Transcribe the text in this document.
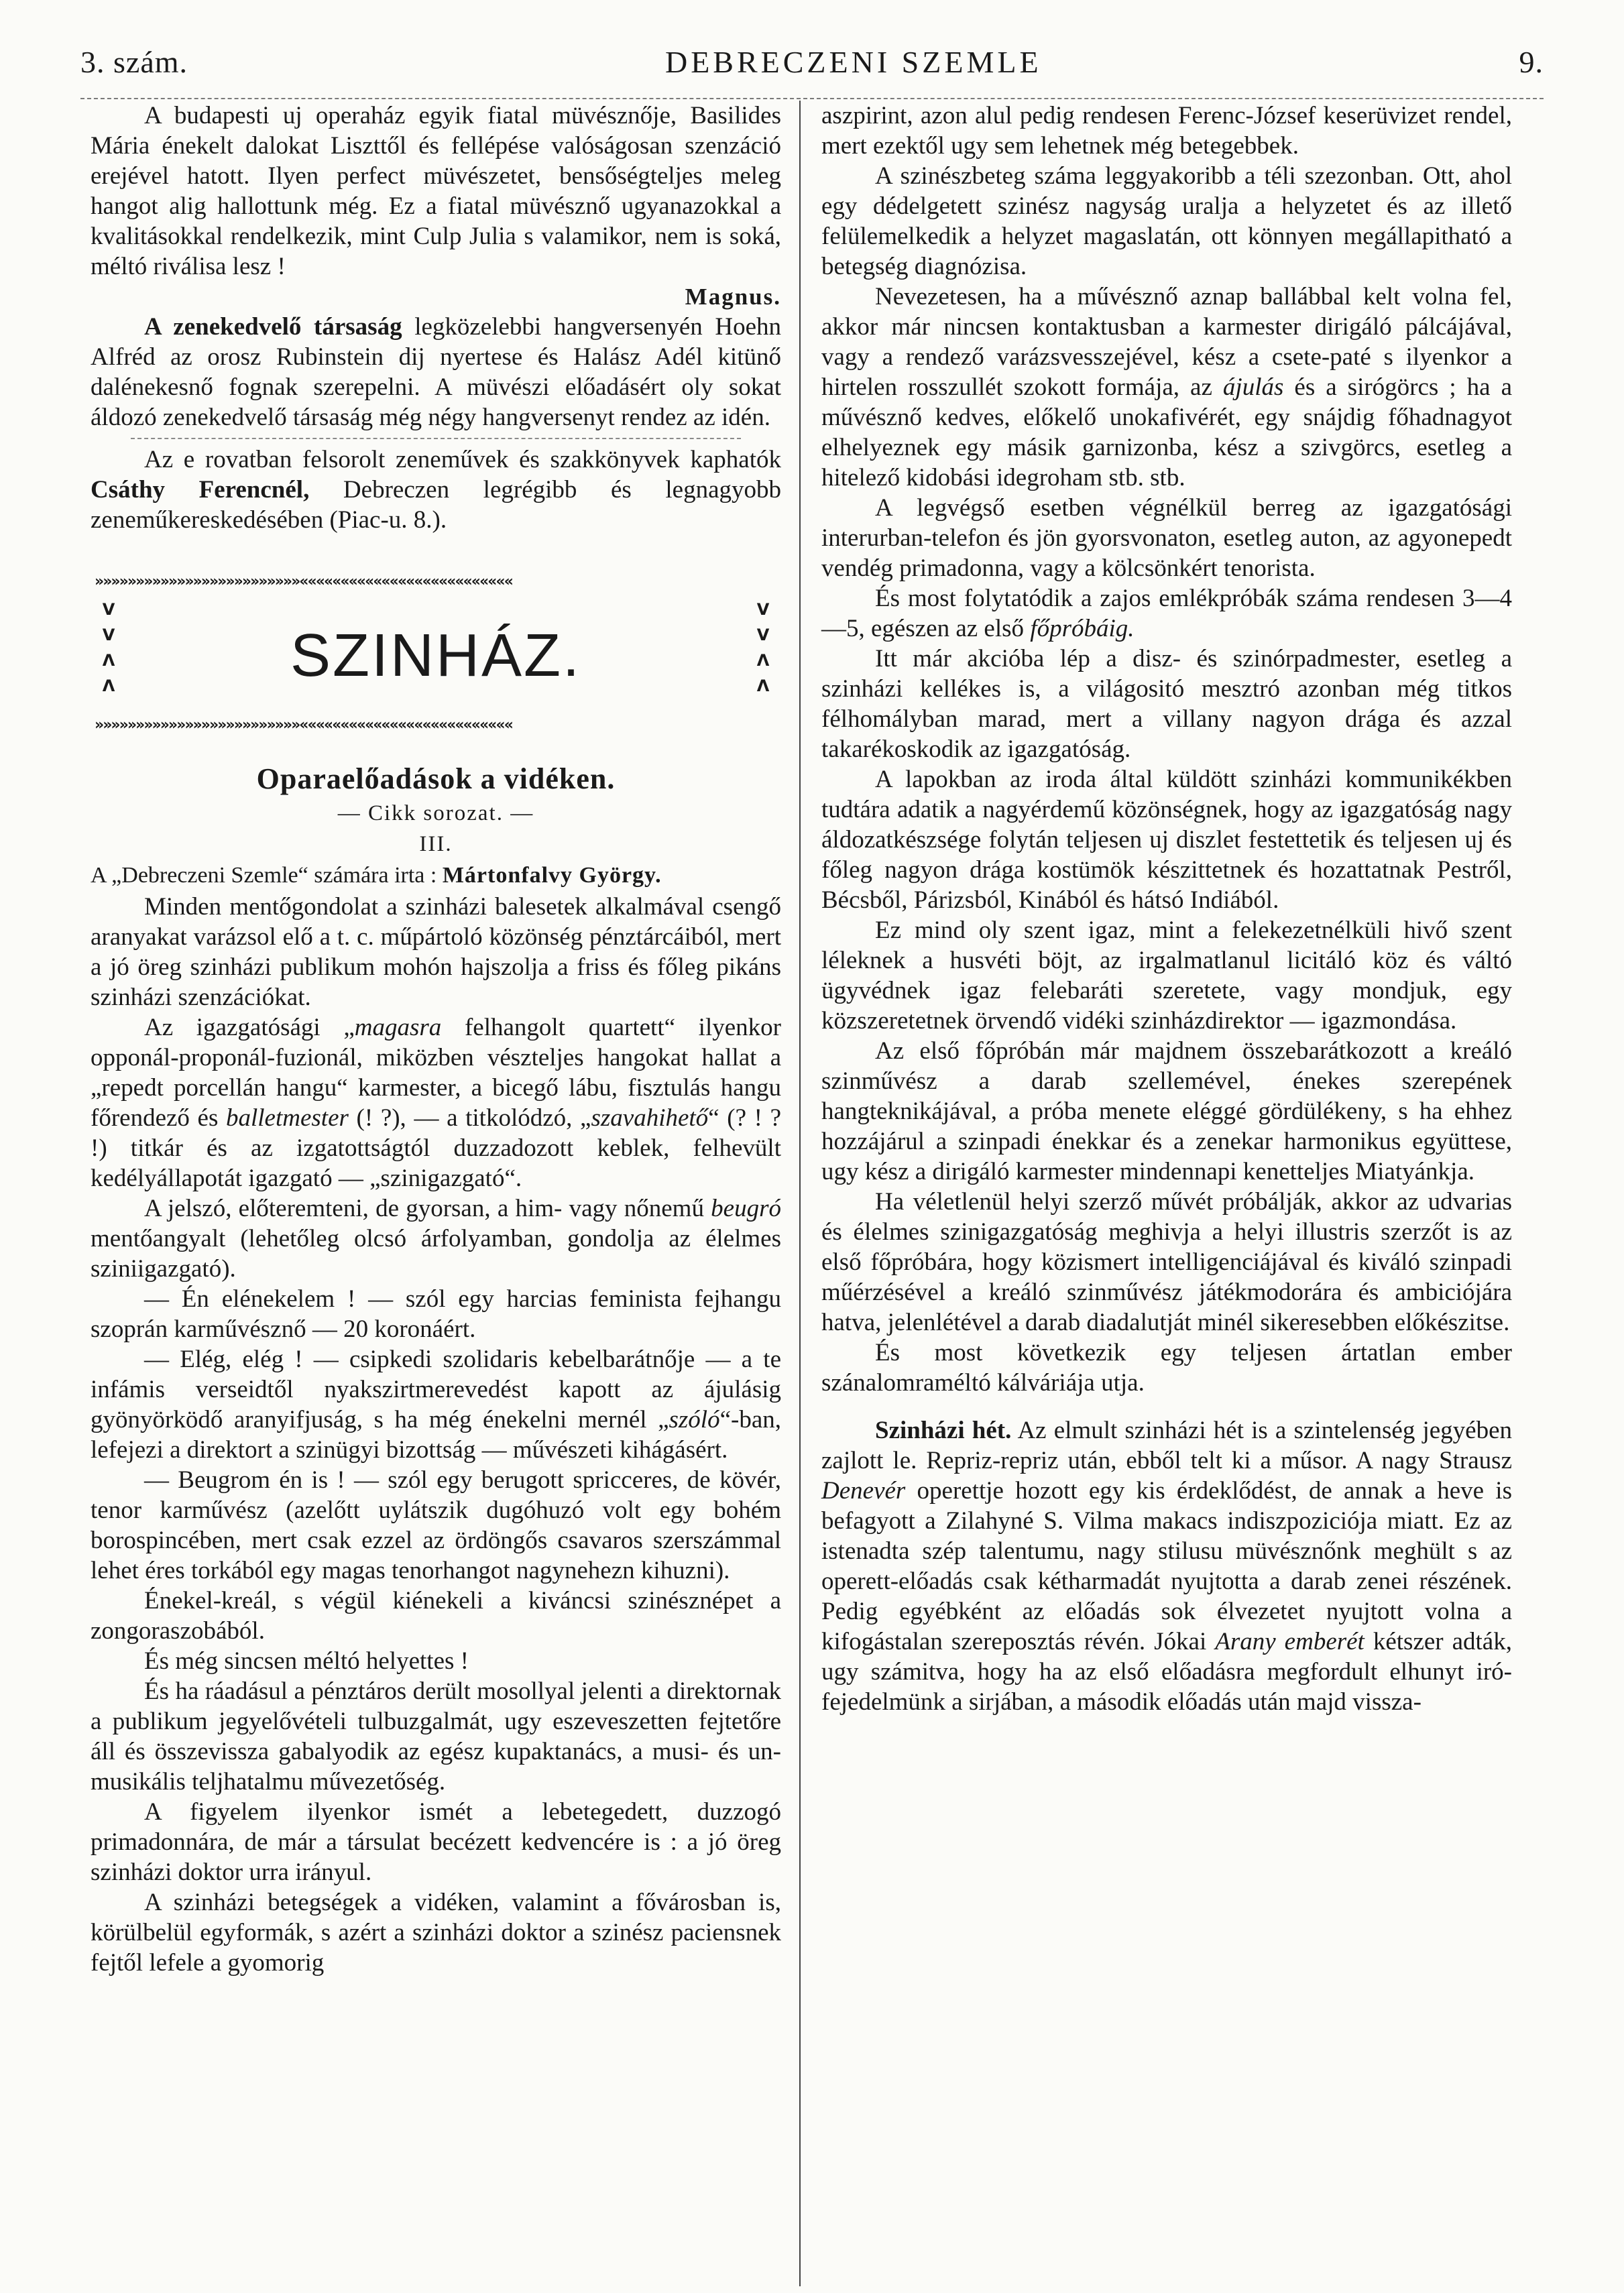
3. szám.	DEBRECZENI SZEMLE	9.

A budapesti uj operaház egyik fiatal müvésznője, Basilides Mária énekelt dalokat Liszttől és fellépése valóságosan szenzáció erejével hatott. Ilyen perfect müvészetet, bensőségteljes meleg hangot alig hallottunk még. Ez a fiatal müvésznő ugyanazokkal a kvalitásokkal rendelkezik, mint Culp Julia s valamikor, nem is soká, méltó riválisa lesz !

Magnus.

A zenekedvelő társaság legközelebbi hangversenyén Hoehn Alfréd az orosz Rubinstein dij nyertese és Halász Adél kitünő dalénekesnő fognak szerepelni. A müvészi előadásért oly sokat áldozó zenekedvelő társaság még négy hangversenyt rendez az idén.

Az e rovatban felsorolt zeneművek és szakkönyvek kaphatók Csáthy Ferencnél, Debreczen legrégibb és legnagyobb zeneműkereskedésében (Piac-u. 8.).

»»»»»»»»»»»»»»»»»»»»»»»»»««««««««««««««««««««««««««
V
V
Λ
Λ	SZINHÁZ.
V
V
Λ
Λ
»»»»»»»»»»»»»»»»»»»»»»»»»««««««««««««««««««««««««««
Oparaelőadások a vidéken.
— Cikk sorozat. —
III.

A „Debreczeni Szemle“ számára irta : Mártonfalvy György.

Minden mentőgondolat a szinházi balesetek alkalmával csengő aranyakat varázsol elő a t. c. műpártoló közönség pénztárcáiból, mert a jó öreg szinházi publikum mohón hajszolja a friss és főleg pikáns szinházi szenzációkat.

Az igazgatósági „magasra felhangolt quartett“ ilyenkor opponál-proponál-fuzionál, miközben vészteljes hangokat hallat a „repedt porcellán hangu“ karmester, a bicegő lábu, fisztulás hangu főrendező és balletmester (! ?), — a titkolódzó, „szavahihető“ (? ! ? !) titkár és az izgatottságtól duzzadozott keblek, felhevült kedélyállapotát igazgató — „szinigazgató“.

A jelszó, előteremteni, de gyorsan, a him- vagy nőnemű beugró mentőangyalt (lehetőleg olcsó árfolyamban, gondolja az élelmes sziniigazgató).

— Én elénekelem ! — szól egy harcias feminista fejhangu szoprán karművésznő — 20 koronáért.

— Elég, elég ! — csipkedi szolidaris kebelbarátnője — a te infámis verseidtől nyakszirtmerevedést kapott az ájulásig gyönyörködő aranyifjuság, s ha még énekelni mernél „szóló“-ban, lefejezi a direktort a szinügyi bizottság — művészeti kihágásért.

— Beugrom én is ! — szól egy berugott spricceres, de kövér, tenor karművész (azelőtt uylátszik dugóhuzó volt egy bohém borospincében, mert csak ezzel az ördöngős csavaros szerszámmal lehet éres torkából egy magas tenorhangot nagynehezn kihuzni).

Énekel-kreál, s végül kiénekeli a kiváncsi szinésznépet a zongoraszobából.

És még sincsen méltó helyettes !

És ha ráadásul a pénztáros derült mosollyal jelenti a direktornak a publikum jegyelővételi tulbuzgalmát, ugy eszeveszetten fejtetőre áll és összevissza gabalyodik az egész kupaktanács, a musi- és un-musikális teljhatalmu művezetőség.

A figyelem ilyenkor ismét a lebetegedett, duzzogó primadonnára, de már a társulat becézett kedvencére is : a jó öreg szinházi doktor urra irányul.

A szinházi betegségek a vidéken, valamint a fővárosban is, körülbelül egyformák, s azért a szinházi doktor a szinész paciensnek fejtől lefele a gyomorig

aszpirint, azon alul pedig rendesen Ferenc-József keserüvizet rendel, mert ezektől ugy sem lehetnek még betegebbek.

A szinészbeteg száma leggyakoribb a téli szezonban. Ott, ahol egy dédelgetett szinész nagyság uralja a helyzetet és az illető felülemelkedik a helyzet magaslatán, ott könnyen megállapitható a betegség diagnózisa.

Nevezetesen, ha a művésznő aznap ballábbal kelt volna fel, akkor már nincsen kontaktusban a karmester dirigáló pálcájával, vagy a rendező varázsvesszejével, kész a csete-paté s ilyenkor a hirtelen rosszullét szokott formája, az ájulás és a sirógörcs ; ha a művésznő kedves, előkelő unokafivérét, egy snájdig főhadnagyot elhelyeznek egy másik garnizonba, kész a szivgörcs, esetleg a hitelező kidobási idegroham stb. stb.

A legvégső esetben végnélkül berreg az igazgatósági interurban-telefon és jön gyorsvonaton, esetleg auton, az agyonepedt vendég primadonna, vagy a kölcsönkért tenorista.

És most folytatódik a zajos emlékpróbák száma rendesen 3—4—5, egészen az első főpróbáig.

Itt már akcióba lép a disz- és szinórpadmester, esetleg a szinházi kellékes is, a világositó mesztró azonban még titkos félhomályban marad, mert a villany nagyon drága és azzal takarékoskodik az igazgatóság.

A lapokban az iroda által küldött szinházi kommunikékben tudtára adatik a nagyérdemű közönségnek, hogy az igazgatóság nagy áldozatkészsége folytán teljesen uj diszlet festettetik és teljesen uj és főleg nagyon drága kostümök készittetnek és hozattatnak Pestről, Bécsből, Párizsból, Kinából és hátsó Indiából.

Ez mind oly szent igaz, mint a felekezetnélküli hivő szent léleknek a husvéti böjt, az irgalmatlanul licitáló köz és váltó ügyvédnek igaz felebaráti szeretete, vagy mondjuk, egy közszeretetnek örvendő vidéki szinházdirektor — igazmondása.

Az első főpróbán már majdnem összebarátkozott a kreáló szinművész a darab szellemével, énekes szerepének hangteknikájával, a próba menete eléggé gördülékeny, s ha ehhez hozzájárul a szinpadi énekkar és a zenekar harmonikus együttese, ugy kész a dirigáló karmester mindennapi kenetteljes Miatyánkja.

Ha véletlenül helyi szerző művét próbálják, akkor az udvarias és élelmes szinigazgatóság meghivja a helyi illustris szerzőt is az első főpróbára, hogy közismert intelligenciájával és kiváló szinpadi műérzésével a kreáló szinművész játékmodorára és ambiciójára hatva, jelenlétével a darab diadalutját minél sikeresebben előkészitse.

És most következik egy teljesen ártatlan ember szánalomraméltó kálváriája utja.

Szinházi hét. Az elmult szinházi hét is a szintelenség jegyében zajlott le. Repriz-repriz után, ebből telt ki a műsor. A nagy Strausz Denevér operettje hozott egy kis érdeklődést, de annak a heve is befagyott a Zilahyné S. Vilma makacs indiszpoziciója miatt. Ez az istenadta szép talentumu, nagy stilusu müvésznőnk meghült s az operett-előadás csak kétharmadát nyujtotta a darab zenei részének. Pedig egyébként az előadás sok élvezetet nyujtott volna a kifogástalan szereposztás révén. Jókai Arany emberét kétszer adták, ugy számitva, hogy ha az első előadásra megfordult elhunyt iró-fejedelmünk a sirjában, a második előadás után majd vissza-
